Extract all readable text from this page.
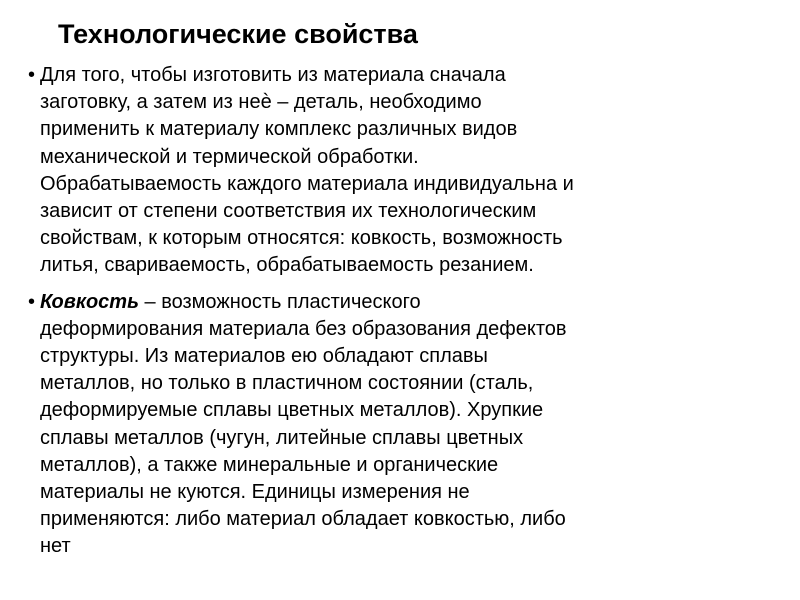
Технологические свойства
• Для того, чтобы изготовить из материала сначала
заготовку, а затем из неѐ – деталь, необходимо
применить к материалу комплекс различных видов
механической и термической обработки.
Обрабатываемость каждого материала индивидуальна и
зависит от степени соответствия их технологическим
свойствам, к которым относятся: ковкость, возможность
литья, свариваемость, обрабатываемость резанием.
• Ковкость – возможность пластического
деформирования материала без образования дефектов
структуры. Из материалов ею обладают сплавы
металлов, но только в пластичном состоянии (сталь,
деформируемые сплавы цветных металлов). Хрупкие
сплавы металлов (чугун, литейные сплавы цветных
металлов), а также минеральные и органические
материалы не куются. Единицы измерения не
применяются: либо материал обладает ковкостью, либо
нет
